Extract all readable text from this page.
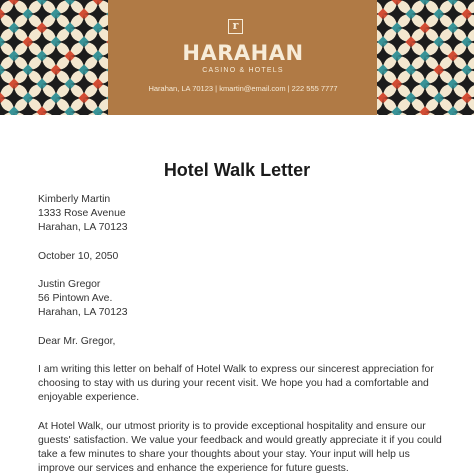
r
HARAHAN
CASINO & HOTELS
Harahan, LA 70123 | kmartin@email.com | 222 555 7777
Hotel Walk Letter
Kimberly Martin
1333 Rose Avenue
Harahan, LA 70123
October 10, 2050
Justin Gregor
56 Pintown Ave.
Harahan, LA 70123
Dear Mr. Gregor,
I am writing this letter on behalf of Hotel Walk to express our sincerest appreciation for
choosing to stay with us during your recent visit. We hope you had a comfortable and
enjoyable experience.
At Hotel Walk, our utmost priority is to provide exceptional hospitality and ensure our
guests' satisfaction. We value your feedback and would greatly appreciate it if you could
take a few minutes to share your thoughts about your stay. Your input will help us
improve our services and enhance the experience for future guests.
